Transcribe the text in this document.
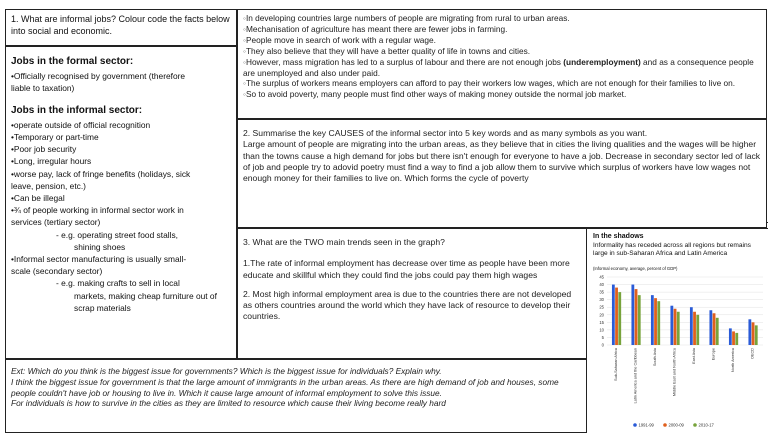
1. What are informal jobs? Colour code the facts below into social and economic.
Jobs in the formal sector:
•Officially recognised by government (therefore
liable to taxation)
Jobs in the informal sector:
•operate outside of official recognition
•Temporary or part-time
•Poor job security
•Long, irregular hours
•worse pay, lack of fringe benefits (holidays, sick
leave, pension, etc.)
•Can be illegal
•¾ of people working in informal sector work in
services (tertiary sector)
- e.g. operating street food stalls,
shining shoes
•Informal sector manufacturing is usually small-
scale (secondary sector)
- e.g. making crafts to sell in local
markets, making cheap furniture out of
scrap materials
◦In developing countries large numbers of people are migrating from rural to urban areas.
◦Mechanisation of agriculture has meant there are fewer jobs in farming.
◦People move in search of work with a regular wage.
◦They also believe that they will have a better quality of life in towns and cities.
◦However, mass migration has led to a surplus of labour and there are not enough jobs (underemployment) and as a consequence people are unemployed and also under paid.
◦The surplus of workers means employers can afford to pay their workers low wages, which are not enough for their families to live on.
◦So to avoid poverty, many people must find other ways of making money outside the normal job market.
2. Summarise the key CAUSES of the informal sector into 5 key words and as many symbols as you want.
Large amount of people are migrating into the urban areas, as they believe that in cities the living qualities and the wages will be higher than the towns cause a high demand for jobs but there isn't enough for everyone to have a job. Decrease in secondary sector led of lack of job and people try to adovid poetry must find a way to find a job allow them to survive which surplus of workers have low wages not enough money for their families to live on. Which forms the cycle of poverty

3. What are the TWO main trends seen in the graph?

1.The rate of informal employment has decrease over time as people have been more educate and skillful which they could find the jobs could pay them high wages

2. Most high informal employment area is due to the countries there are not developed as others countries around the world which they have lack of resource to develop their countries.

Ext: Which do you think is the biggest issue for governments? Which is the biggest issue for individuals? Explain why.
I think the biggest issue for government is that the large amount of immigrants in the urban areas. As there are high demand of job and houses, some people couldn't have job or housing to live in. Which it cause large amount of informal employment to solve this issue.
For individuals is how to survive in the cities as they are limited to resource which cause their living become really hard
In the shadows
Informality has receded across all regions but remains large in sub-Saharan Africa and Latin America
(Informal economy, average, percent of GDP)
0
5
10
15
20
25
30
35
40
45
Sub-Saharan Africa	Latin America and the Caribbean	South Asia	Middle East and North Africa	East Asia	Europe	North America	OECD
1991-99	2000-09	2010-17
